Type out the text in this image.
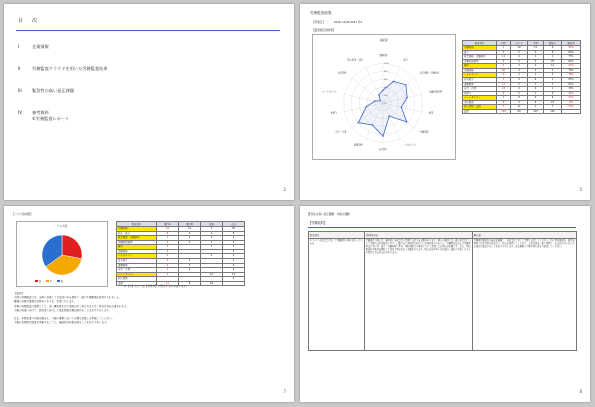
目　次
I	企業情報
II	労務監査クラウドを用いた労務監査結果
III	緊急性の高い是正課題
IV	参考資料
①労務監査レポート
2
労務監査結果
【実施日】	2025/ 11/06 2021 年3
【監査項目別結果】
適応度
100%
80%
60%
労働時間
賃金
就業規則・労働条件
労働時間管理
雇用
労働保険
ハラスメント
安全衛生
退職関係
育児・介護
休憩等
パートタイマー
労使関係
個人情報・記録
監査項目	対応	ヒヤリ	中程	指摘有	適応率
労働時間	1	19	12	6	32%
賃金	0	6	4	6	60%
就業規則・労働条件	14	4	1	1	73%
労働時間管理	6	0	3	20	62%
雇用	2	3	0	12	47%
労働保険	20	4	2	1	76%
ハラスメント	4	3	1	3	36%
安全衛生	1	0	6	1	83%
退職関係	11	2	1	7	61%
育児・介護	23	2	4	1	79%
休憩等	4	2	1	4	43%
パートタイマー	4	8	9	6	21%
労使関係	6	2	6	27	9%
個人情報・記録	0	12	1	7	23%
合計	109	60	110	105	
5
【リスク度内訳】
リスク度
高	中	低
監査項目	要注A	要注B	改善	合計
労働時間	16	12	3	30
個人・賃金	6	1	2	8
就業規則・労働条件	1	1	0	2
労働時間管理	2	3	1	3
雇用	3		1	1
労働保険	3			3
ハラスメント	4		3	4
安全衛生	0	2		3
退職関係	2	3		2
育児・介護	1	4		3
パートタイマー	2		10	12
個人情報				2
合計	11	8	18	
※ 【×】もしくは【対象外】に該当するものはいない。
【総評】
今回の労務監査では、全体に重視して合法性のある項目で一部の不備事項が見受けられました。
整備の必要な事項が多数ありますが、本書に示します。
労務の各種監査の結果として、高い優先度を示す項目が多く見られるため、早急な対応が望まれます。
今後の改善に向けて、担当者と協力して是正措置を順次進めることをおすすめします。
なお、本報告書の内容を踏まえ、今後の運用において必要な見直しを実施してください。
今後も定期的な監査を実施することで、継続的な改善を図ることをおすすめします。
7
緊急性の高い是正課題・今後の課題
【労働契約】
監査項目	具体的内容	解決策
① すべての従業員に対して労働条件の明示を行っているか	労働条件の明示は、雇用時に全従業員へ書面で交付する必要があります。現在の運用では一部の従業員について書面の交付が確認できず、口頭のみで説明が行われている例が見られました。労働契約法および労働基準法に基づき、賃金・労働時間・休日・契約期間等の事項について書面による明示が必要です。また、契約更新時や条件変更時にも改めて明示を行う必要があります。明示内容が不十分な場合、後日の労使トラブルの原因となるおそれがあります。	労働条件通知書の様式を整備し、全従業員に対して書面で交付してください。特に契約更新時・条件変更時には必ず再交付を行い、控えを保管してください。交付状況を一覧で管理し、未交付者がいないか定期的に確認することをおすすめします。就業規則との整合性も併せて確認してください。
8
